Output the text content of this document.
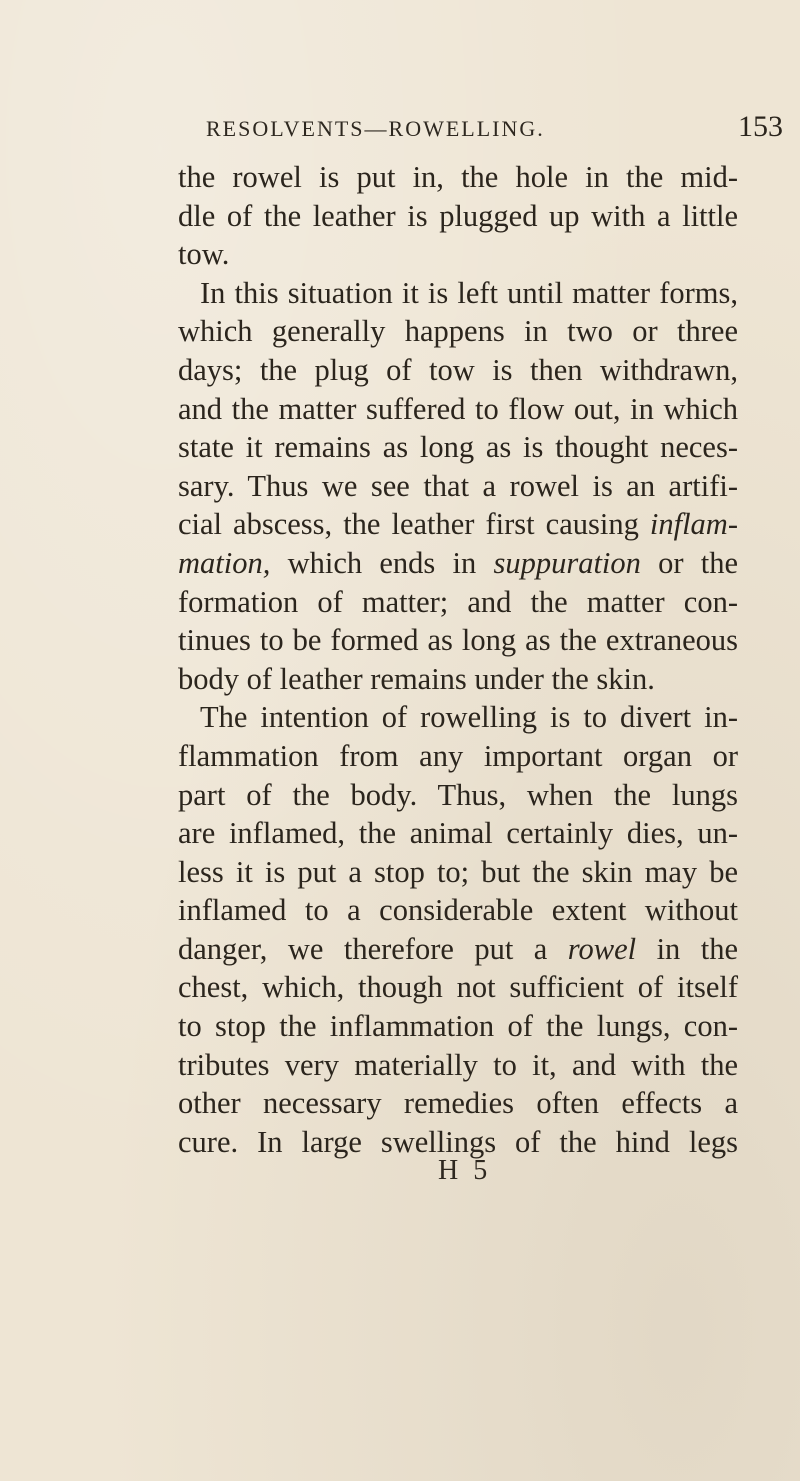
RESOLVENTS—ROWELLING.	153
the rowel is put in, the hole in the mid-
dle of the leather is plugged up with a little
tow.
In this situation it is left until matter forms,
which generally happens in two or three
days; the plug of tow is then withdrawn,
and the matter suffered to flow out, in which
state it remains as long as is thought neces-
sary. Thus we see that a rowel is an artifi-
cial abscess, the leather first causing inflam-
mation, which ends in suppuration or the
formation of matter; and the matter con-
tinues to be formed as long as the extraneous
body of leather remains under the skin.
The intention of rowelling is to divert in-
flammation from any important organ or
part of the body. Thus, when the lungs
are inflamed, the animal certainly dies, un-
less it is put a stop to; but the skin may be
inflamed to a considerable extent without
danger, we therefore put a rowel in the
chest, which, though not sufficient of itself
to stop the inflammation of the lungs, con-
tributes very materially to it, and with the
other necessary remedies often effects a
cure. In large swellings of the hind legs
H 5
